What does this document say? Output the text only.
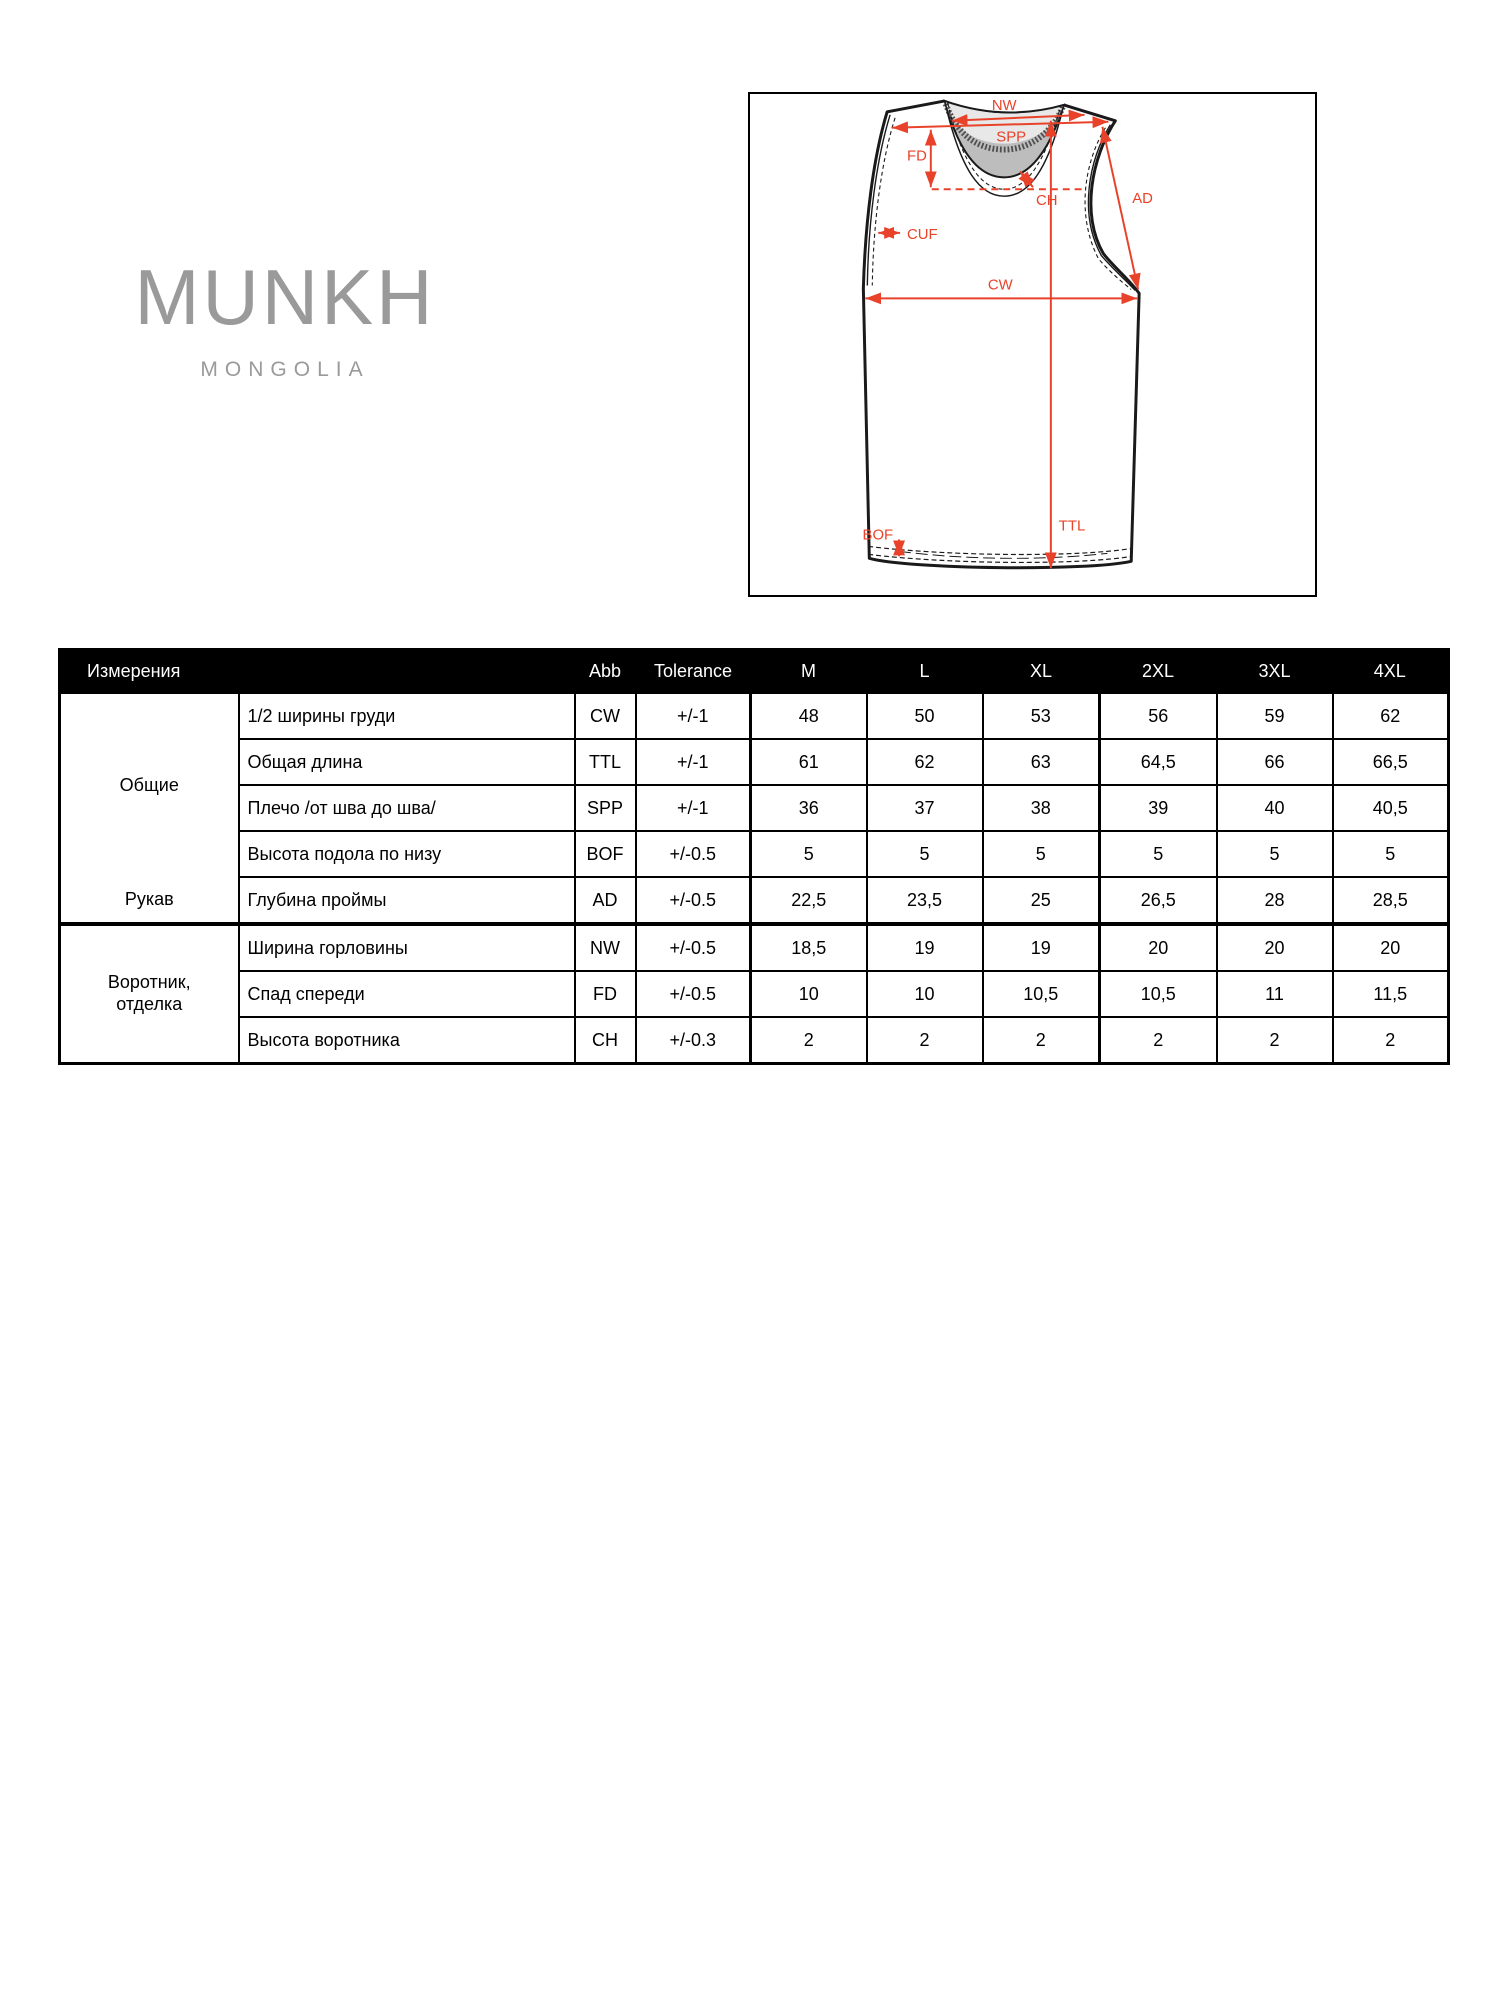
MUNKH
MONGOLIA
NW
SPP
FD
CH	AD
CUF
CW
TTL
BOF
Измерения		Abb	Tolerance	M	L	XL	2XL	3XL	4XL
Общие	1/2 ширины груди	CW	+/-1	48	50	53	56	59	62
	Общая длина	TTL	+/-1	61	62	63	64,5	66	66,5
	Плечо /от шва до шва/	SPP	+/-1	36	37	38	39	40	40,5
	Высота подола по низу	BOF	+/-0.5	5	5	5	5	5	5
Рукав	Глубина проймы	AD	+/-0.5	22,5	23,5	25	26,5	28	28,5
Воротник, отделка	Ширина горловины	NW	+/-0.5	18,5	19	19	20	20	20
	Спад спереди	FD	+/-0.5	10	10	10,5	10,5	11	11,5
	Высота воротника	CH	+/-0.3	2	2	2	2	2	2
